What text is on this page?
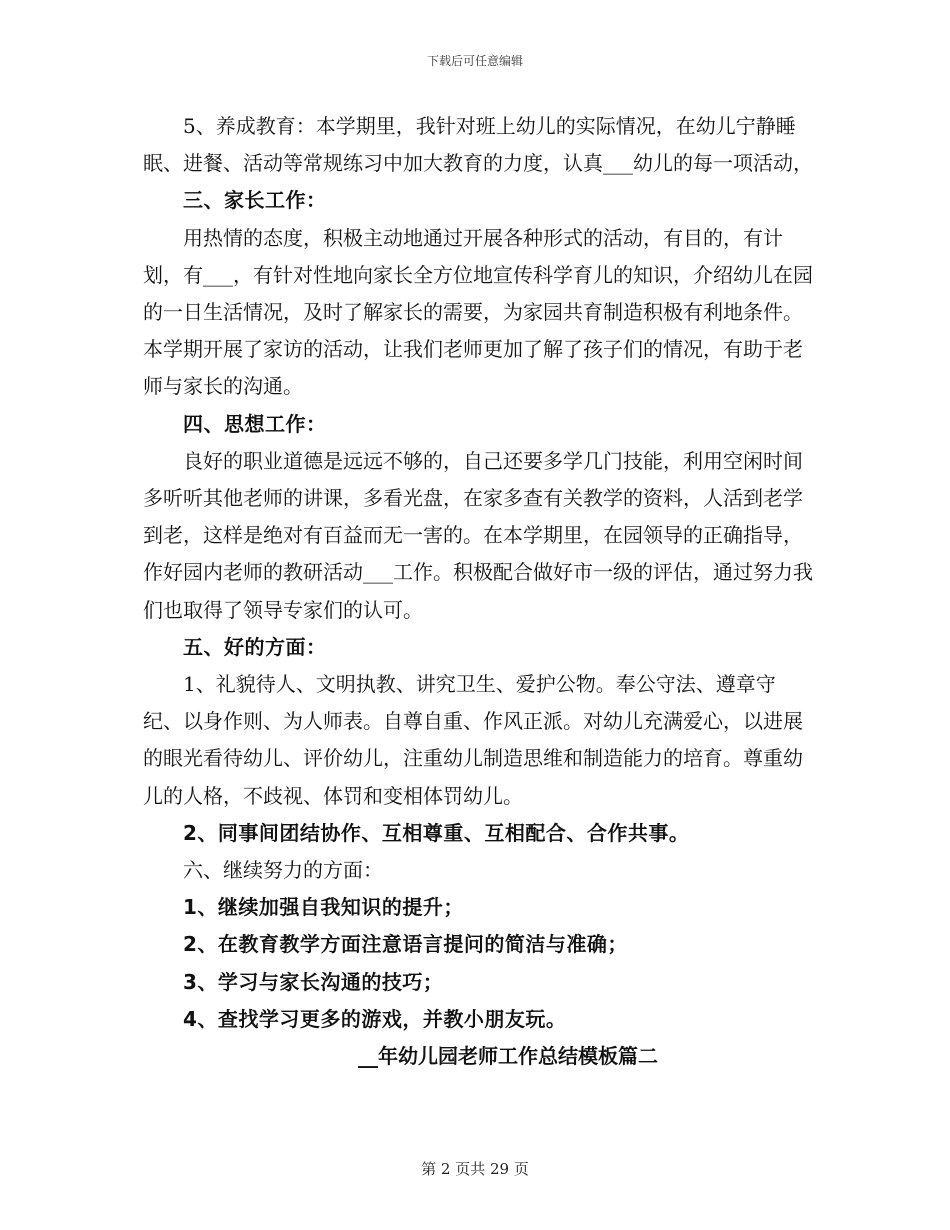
下载后可任意编辑

5、养成教育：本学期里，我针对班上幼儿的实际情况，在幼儿宁静睡眠、进餐、活动等常规练习中加大教育的力度，认真___幼儿的每一项活动，

三、家长工作：

用热情的态度，积极主动地通过开展各种形式的活动，有目的，有计划，有___，有针对性地向家长全方位地宣传科学育儿的知识，介绍幼儿在园的一日生活情况，及时了解家长的需要，为家园共育制造积极有利地条件。本学期开展了家访的活动，让我们老师更加了解了孩子们的情况，有助于老师与家长的沟通。

四、思想工作：

良好的职业道德是远远不够的，自己还要多学几门技能，利用空闲时间多听听其他老师的讲课，多看光盘，在家多查有关教学的资料，人活到老学到老，这样是绝对有百益而无一害的。在本学期里，在园领导的正确指导，作好园内老师的教研活动___工作。积极配合做好市一级的评估，通过努力我们也取得了领导专家们的认可。

五、好的方面：

1、礼貌待人、文明执教、讲究卫生、爱护公物。奉公守法、遵章守纪、以身作则、为人师表。自尊自重、作风正派。对幼儿充满爱心，以进展的眼光看待幼儿、评价幼儿，注重幼儿制造思维和制造能力的培育。尊重幼儿的人格，不歧视、体罚和变相体罚幼儿。

2、同事间团结协作、互相尊重、互相配合、合作共事。

六、继续努力的方面：

1、继续加强自我知识的提升；

2、在教育教学方面注意语言提问的简洁与准确；

3、学习与家长沟通的技巧；

4、查找学习更多的游戏，并教小朋友玩。

__年幼儿园老师工作总结模板篇二

第 2 页共 29 页
